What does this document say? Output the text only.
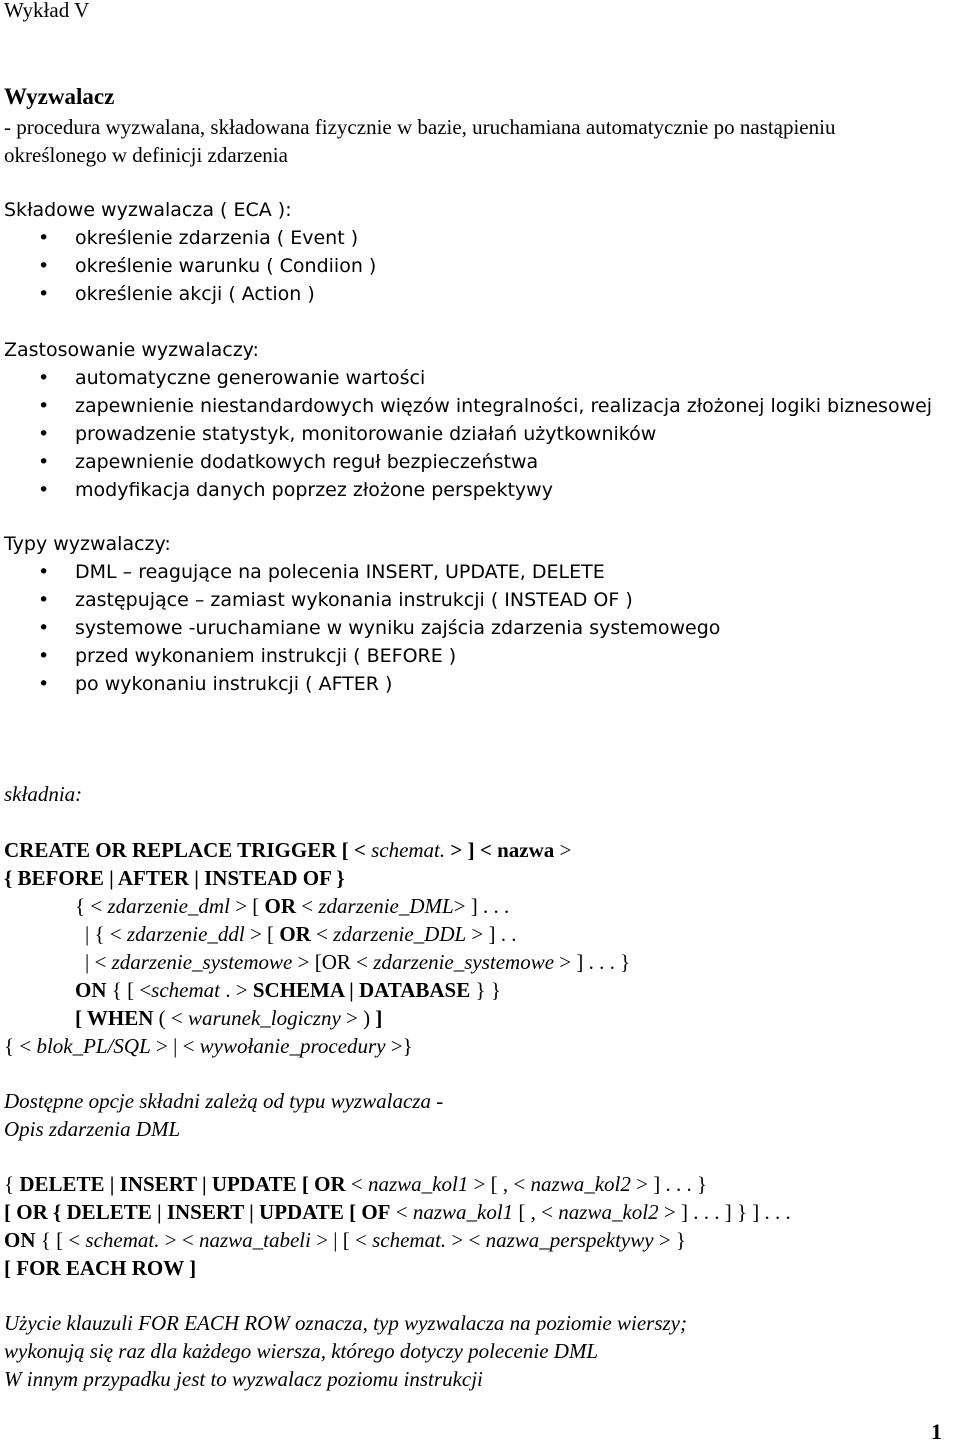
Wykład V
Wyzwalacz
- procedura wyzwalana, składowana fizycznie w bazie, uruchamiana automatycznie po nastąpieniu
określonego w definicji zdarzenia
Składowe wyzwalacza ( ECA ):
• określenie zdarzenia ( Event )
• określenie warunku ( Condiion )
• określenie akcji ( Action )
Zastosowanie wyzwalaczy:
• automatyczne generowanie wartości
• zapewnienie niestandardowych więzów integralności, realizacja złożonej logiki biznesowej
• prowadzenie statystyk, monitorowanie działań użytkowników
• zapewnienie dodatkowych reguł bezpieczeństwa
• modyfikacja danych poprzez złożone perspektywy
Typy wyzwalaczy:
• DML – reagujące na polecenia INSERT, UPDATE, DELETE
• zastępujące – zamiast wykonania instrukcji ( INSTEAD OF )
• systemowe -uruchamiane w wyniku zajścia zdarzenia systemowego
• przed wykonaniem instrukcji ( BEFORE )
• po wykonaniu instrukcji ( AFTER )
składnia:
CREATE OR REPLACE TRIGGER [ < schemat. > ] < nazwa >
{ BEFORE | AFTER | INSTEAD OF }
{ < zdarzenie_dml > [ OR < zdarzenie_DML> ] . . .
| { < zdarzenie_ddl > [ OR < zdarzenie_DDL > ] . .
| < zdarzenie_systemowe > [OR < zdarzenie_systemowe > ] . . . }
ON { [ <schemat . > SCHEMA | DATABASE } }
[ WHEN ( < warunek_logiczny > ) ]
{ < blok_PL/SQL > | < wywołanie_procedury >}
Dostępne opcje składni zależą od typu wyzwalacza -
Opis zdarzenia DML
{ DELETE | INSERT | UPDATE [ OR < nazwa_kol1 > [ , < nazwa_kol2 > ] . . . }
[ OR { DELETE | INSERT | UPDATE [ OF < nazwa_kol1 [ , < nazwa_kol2 > ] . . . ] } ] . . .
ON { [ < schemat. > < nazwa_tabeli > | [ < schemat. > < nazwa_perspektywy > }
[ FOR EACH ROW ]
Użycie klauzuli FOR EACH ROW oznacza, typ wyzwalacza na poziomie wierszy;
wykonują się raz dla każdego wiersza, którego dotyczy polecenie DML
W innym przypadku jest to wyzwalacz poziomu instrukcji
1
